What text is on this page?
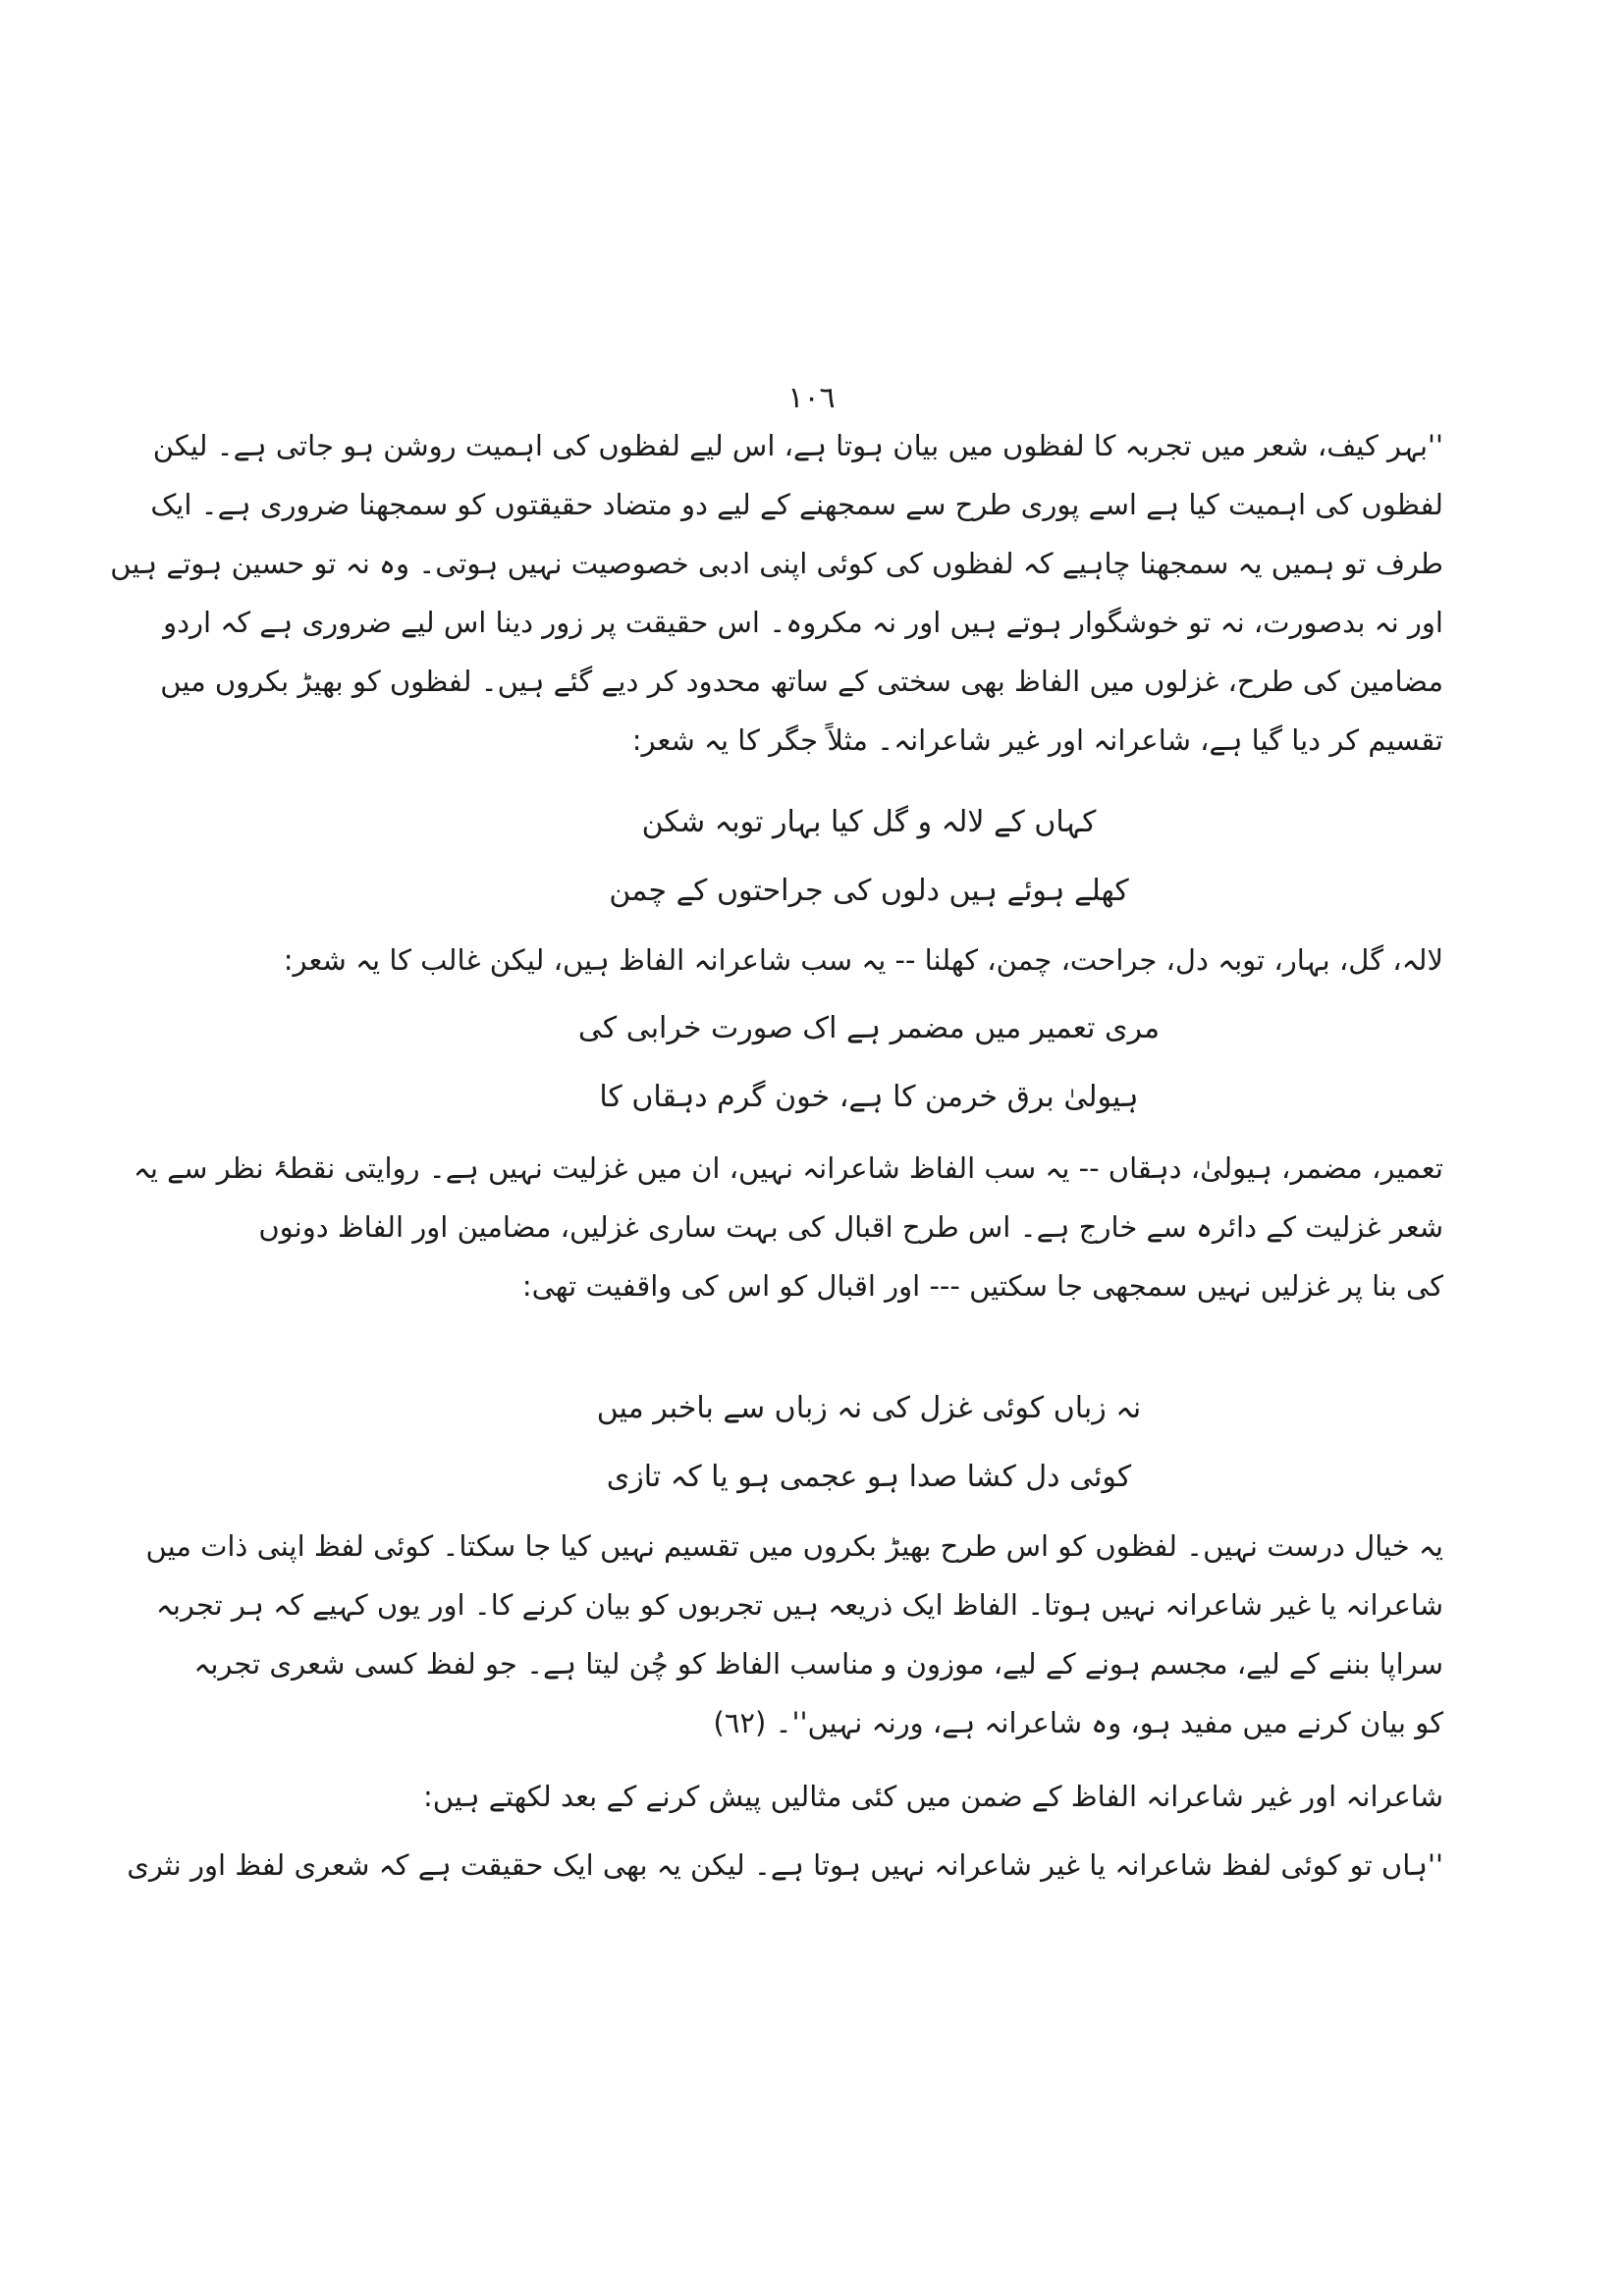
١٠٦
''بہر کیف، شعر میں تجربہ کا لفظوں میں بیان ہوتا ہے، اس لیے لفظوں کی اہمیت روشن ہو جاتی ہے۔ لیکن
لفظوں کی اہمیت کیا ہے اسے پوری طرح سے سمجھنے کے لیے دو متضاد حقیقتوں کو سمجھنا ضروری ہے۔ ایک
طرف تو ہمیں یہ سمجھنا چاہیے کہ لفظوں کی کوئی اپنی ادبی خصوصیت نہیں ہوتی۔ وہ نہ تو حسین ہوتے ہیں
اور نہ بدصورت، نہ تو خوشگوار ہوتے ہیں اور نہ مکروہ۔ اس حقیقت پر زور دینا اس لیے ضروری ہے کہ اردو
مضامین کی طرح، غزلوں میں الفاظ بھی سختی کے ساتھ محدود کر دیے گئے ہیں۔ لفظوں کو بھیڑ بکروں میں
تقسیم کر دیا گیا ہے، شاعرانہ اور غیر شاعرانہ۔ مثلاً جگر کا یہ شعر:
کہاں کے لالہ و گل کیا بہار توبہ شکن
کھلے ہوئے ہیں دلوں کی جراحتوں کے چمن
لالہ، گل، بہار، توبہ دل، جراحت، چمن، کھلنا -- یہ سب شاعرانہ الفاظ ہیں، لیکن غالب کا یہ شعر:
مری تعمیر میں مضمر ہے اک صورت خرابی کی
ہیولیٰ برق خرمن کا ہے، خون گرم دہقاں کا
تعمیر، مضمر، ہیولیٰ، دہقاں -- یہ سب الفاظ شاعرانہ نہیں، ان میں غزلیت نہیں ہے۔ روایتی نقطۂ نظر سے یہ
شعر غزلیت کے دائرہ سے خارج ہے۔ اس طرح اقبال کی بہت ساری غزلیں، مضامین اور الفاظ دونوں
کی بنا پر غزلیں نہیں سمجھی جا سکتیں --- اور اقبال کو اس کی واقفیت تھی:
نہ زباں کوئی غزل کی نہ زباں سے باخبر میں
کوئی دل کشا صدا ہو عجمی ہو یا کہ تازی
یہ خیال درست نہیں۔ لفظوں کو اس طرح بھیڑ بکروں میں تقسیم نہیں کیا جا سکتا۔ کوئی لفظ اپنی ذات میں
شاعرانہ یا غیر شاعرانہ نہیں ہوتا۔ الفاظ ایک ذریعہ ہیں تجربوں کو بیان کرنے کا۔ اور یوں کہیے کہ ہر تجربہ
سراپا بننے کے لیے، مجسم ہونے کے لیے، موزون و مناسب الفاظ کو چُن لیتا ہے۔ جو لفظ کسی شعری تجربہ
کو بیان کرنے میں مفید ہو، وہ شاعرانہ ہے، ورنہ نہیں''۔ (٦٢)
شاعرانہ اور غیر شاعرانہ الفاظ کے ضمن میں کئی مثالیں پیش کرنے کے بعد لکھتے ہیں:
''ہاں تو کوئی لفظ شاعرانہ یا غیر شاعرانہ نہیں ہوتا ہے۔ لیکن یہ بھی ایک حقیقت ہے کہ شعری لفظ اور نثری
